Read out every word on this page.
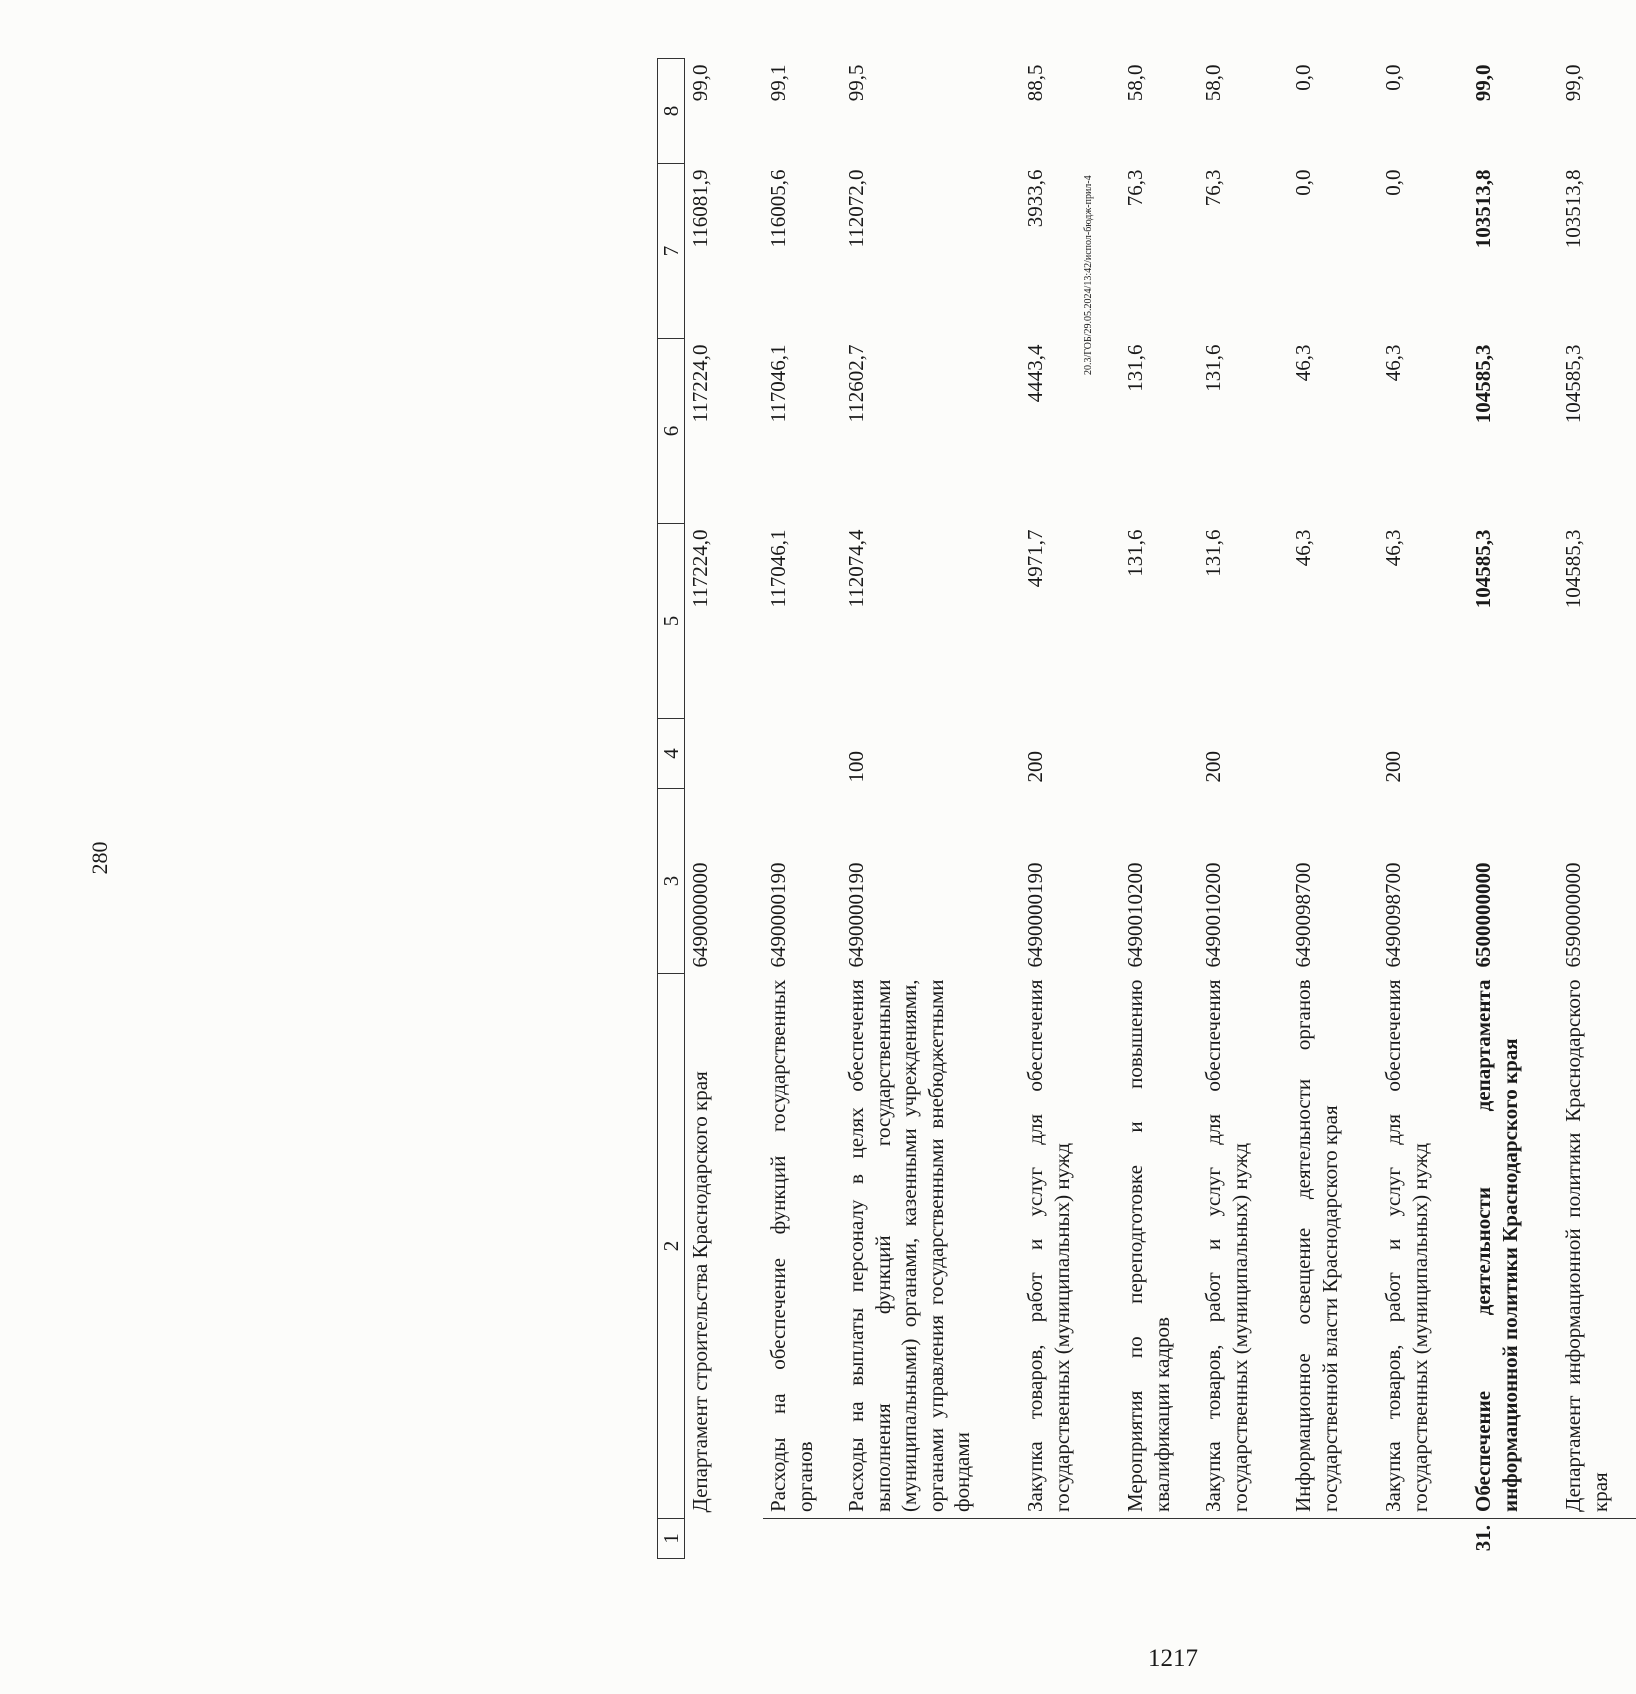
280
1217
20.3/ГОБ/29.05.2024/13:42/испол-бюдж-прил-4
1	2	3	4	5	6	7	8
	Департамент строительства Краснодарского края	6490000000		117224,0	117224,0	116081,9	99,0
	Расходы на обеспечение функций государственных органов	6490000190		117046,1	117046,1	116005,6	99,1
	Расходы на выплаты персоналу в целях обеспечения выполнения функций государственными (муниципальными) органами, казенными учреждениями, органами управления государственными внебюджетными фондами	6490000190	100	112074,4	112602,7	112072,0	99,5
	Закупка товаров, работ и услуг для обеспечения государственных (муниципальных) нужд	6490000190	200	4971,7	4443,4	3933,6	88,5
	Мероприятия по переподготовке и повышению квалификации кадров	6490010200		131,6	131,6	76,3	58,0
	Закупка товаров, работ и услуг для обеспечения государственных (муниципальных) нужд	6490010200	200	131,6	131,6	76,3	58,0
	Информационное освещение деятельности органов государственной власти Краснодарского края	6490098700		46,3	46,3	0,0	0,0
	Закупка товаров, работ и услуг для обеспечения государственных (муниципальных) нужд	6490098700	200	46,3	46,3	0,0	0,0
31.	Обеспечение деятельности департамента информационной политики Краснодарского края	6500000000		104585,3	104585,3	103513,8	99,0
	Департамент информационной политики Краснодарского края	6590000000		104585,3	104585,3	103513,8	99,0
